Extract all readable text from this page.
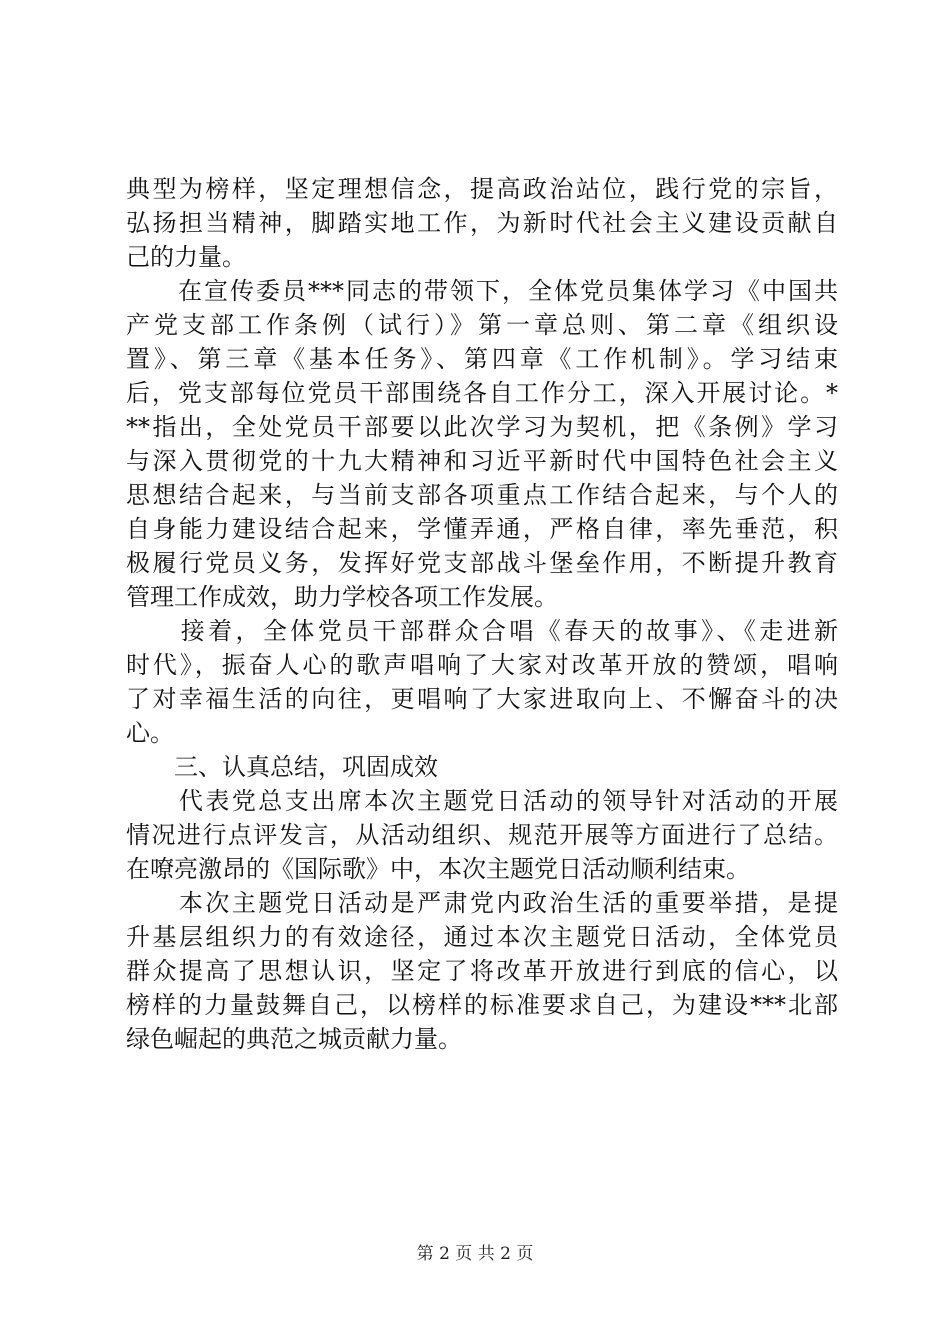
典型为榜样，坚定理想信念，提高政治站位，践行党的宗旨，
弘扬担当精神，脚踏实地工作，为新时代社会主义建设贡献自
己的力量。
　　在宣传委员***同志的带领下，全体党员集体学习《中国共
产党支部工作条例（试行）》第一章总则、第二章《组织设
置》、第三章《基本任务》、第四章《工作机制》。学习结束
后，党支部每位党员干部围绕各自工作分工，深入开展讨论。*
**指出，全处党员干部要以此次学习为契机，把《条例》学习
与深入贯彻党的十九大精神和习近平新时代中国特色社会主义
思想结合起来，与当前支部各项重点工作结合起来，与个人的
自身能力建设结合起来，学懂弄通，严格自律，率先垂范，积
极履行党员义务，发挥好党支部战斗堡垒作用，不断提升教育
管理工作成效，助力学校各项工作发展。
　　接着，全体党员干部群众合唱《春天的故事》、《走进新
时代》，振奋人心的歌声唱响了大家对改革开放的赞颂，唱响
了对幸福生活的向往，更唱响了大家进取向上、不懈奋斗的决
心。
　　三、认真总结，巩固成效
　　代表党总支出席本次主题党日活动的领导针对活动的开展
情况进行点评发言，从活动组织、规范开展等方面进行了总结。
在嘹亮激昂的《国际歌》中，本次主题党日活动顺利结束。
　　本次主题党日活动是严肃党内政治生活的重要举措，是提
升基层组织力的有效途径，通过本次主题党日活动，全体党员
群众提高了思想认识，坚定了将改革开放进行到底的信心，以
榜样的力量鼓舞自己，以榜样的标准要求自己，为建设***北部
绿色崛起的典范之城贡献力量。
第 2 页 共 2 页
